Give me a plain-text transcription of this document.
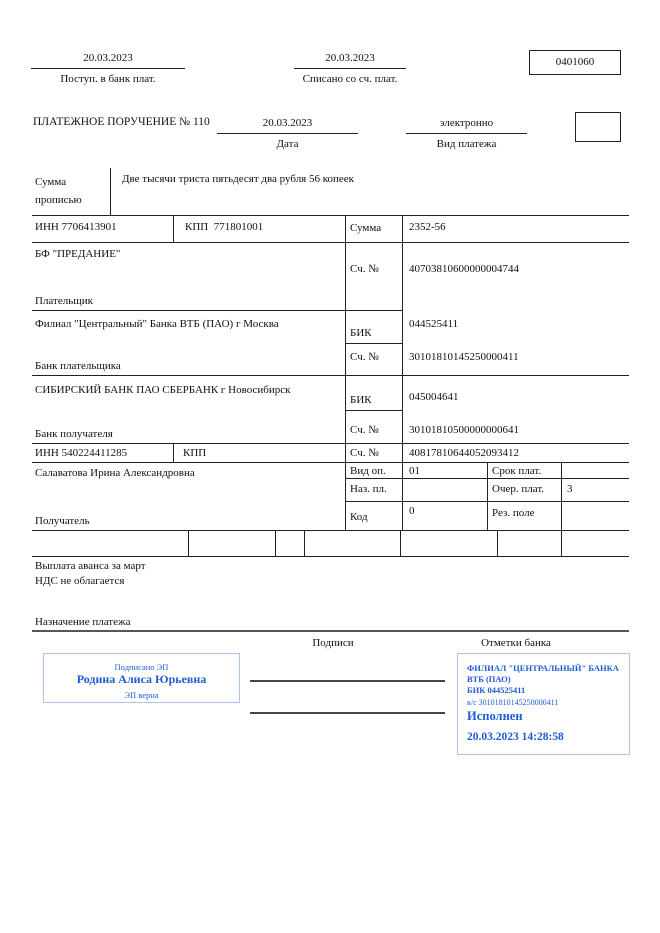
20.03.2023
Поступ. в банк плат.
20.03.2023
Списано со сч. плат.
0401060
ПЛАТЕЖНОЕ ПОРУЧЕНИЕ № 110	20.03.2023
Дата
электронно
Вид платежа
Сумма прописью
Две тысячи триста пятьдесят два рубля 56 копеек
ИНН 7706413901	КПП  771801001	Сумма	2352-56
БФ "ПРЕДАНИЕ"
Плательщик
Сч. №	40703810600000004744
Филиал "Центральный" Банка ВТБ (ПАО) г Москва
Банк плательщика
БИК
044525411
Сч. №	30101810145250000411
СИБИРСКИЙ БАНК ПАО СБЕРБАНК г Новосибирск
Банк получателя
БИК	045004641
Сч. №	30101810500000000641
ИНН 540224411285	КПП	Сч. №	40817810644052093412
Салаватова Ирина Александровна
Получатель
Вид оп. 01	Срок плат.
Наз. пл.	Очер. плат. 3
Код	0	Рез. поле
Выплата аванса за март
НДС не облагается
Назначение платежа
Подписи	Отметки банка
Подписано ЭП
Родина Алиса Юрьевна
ЭП верна
ФИЛИАЛ "ЦЕНТРАЛЬНЫЙ" БАНКА
ВТБ (ПАО)
БИК 044525411
к/с 30101810145250000411
Исполнен
20.03.2023 14:28:58
